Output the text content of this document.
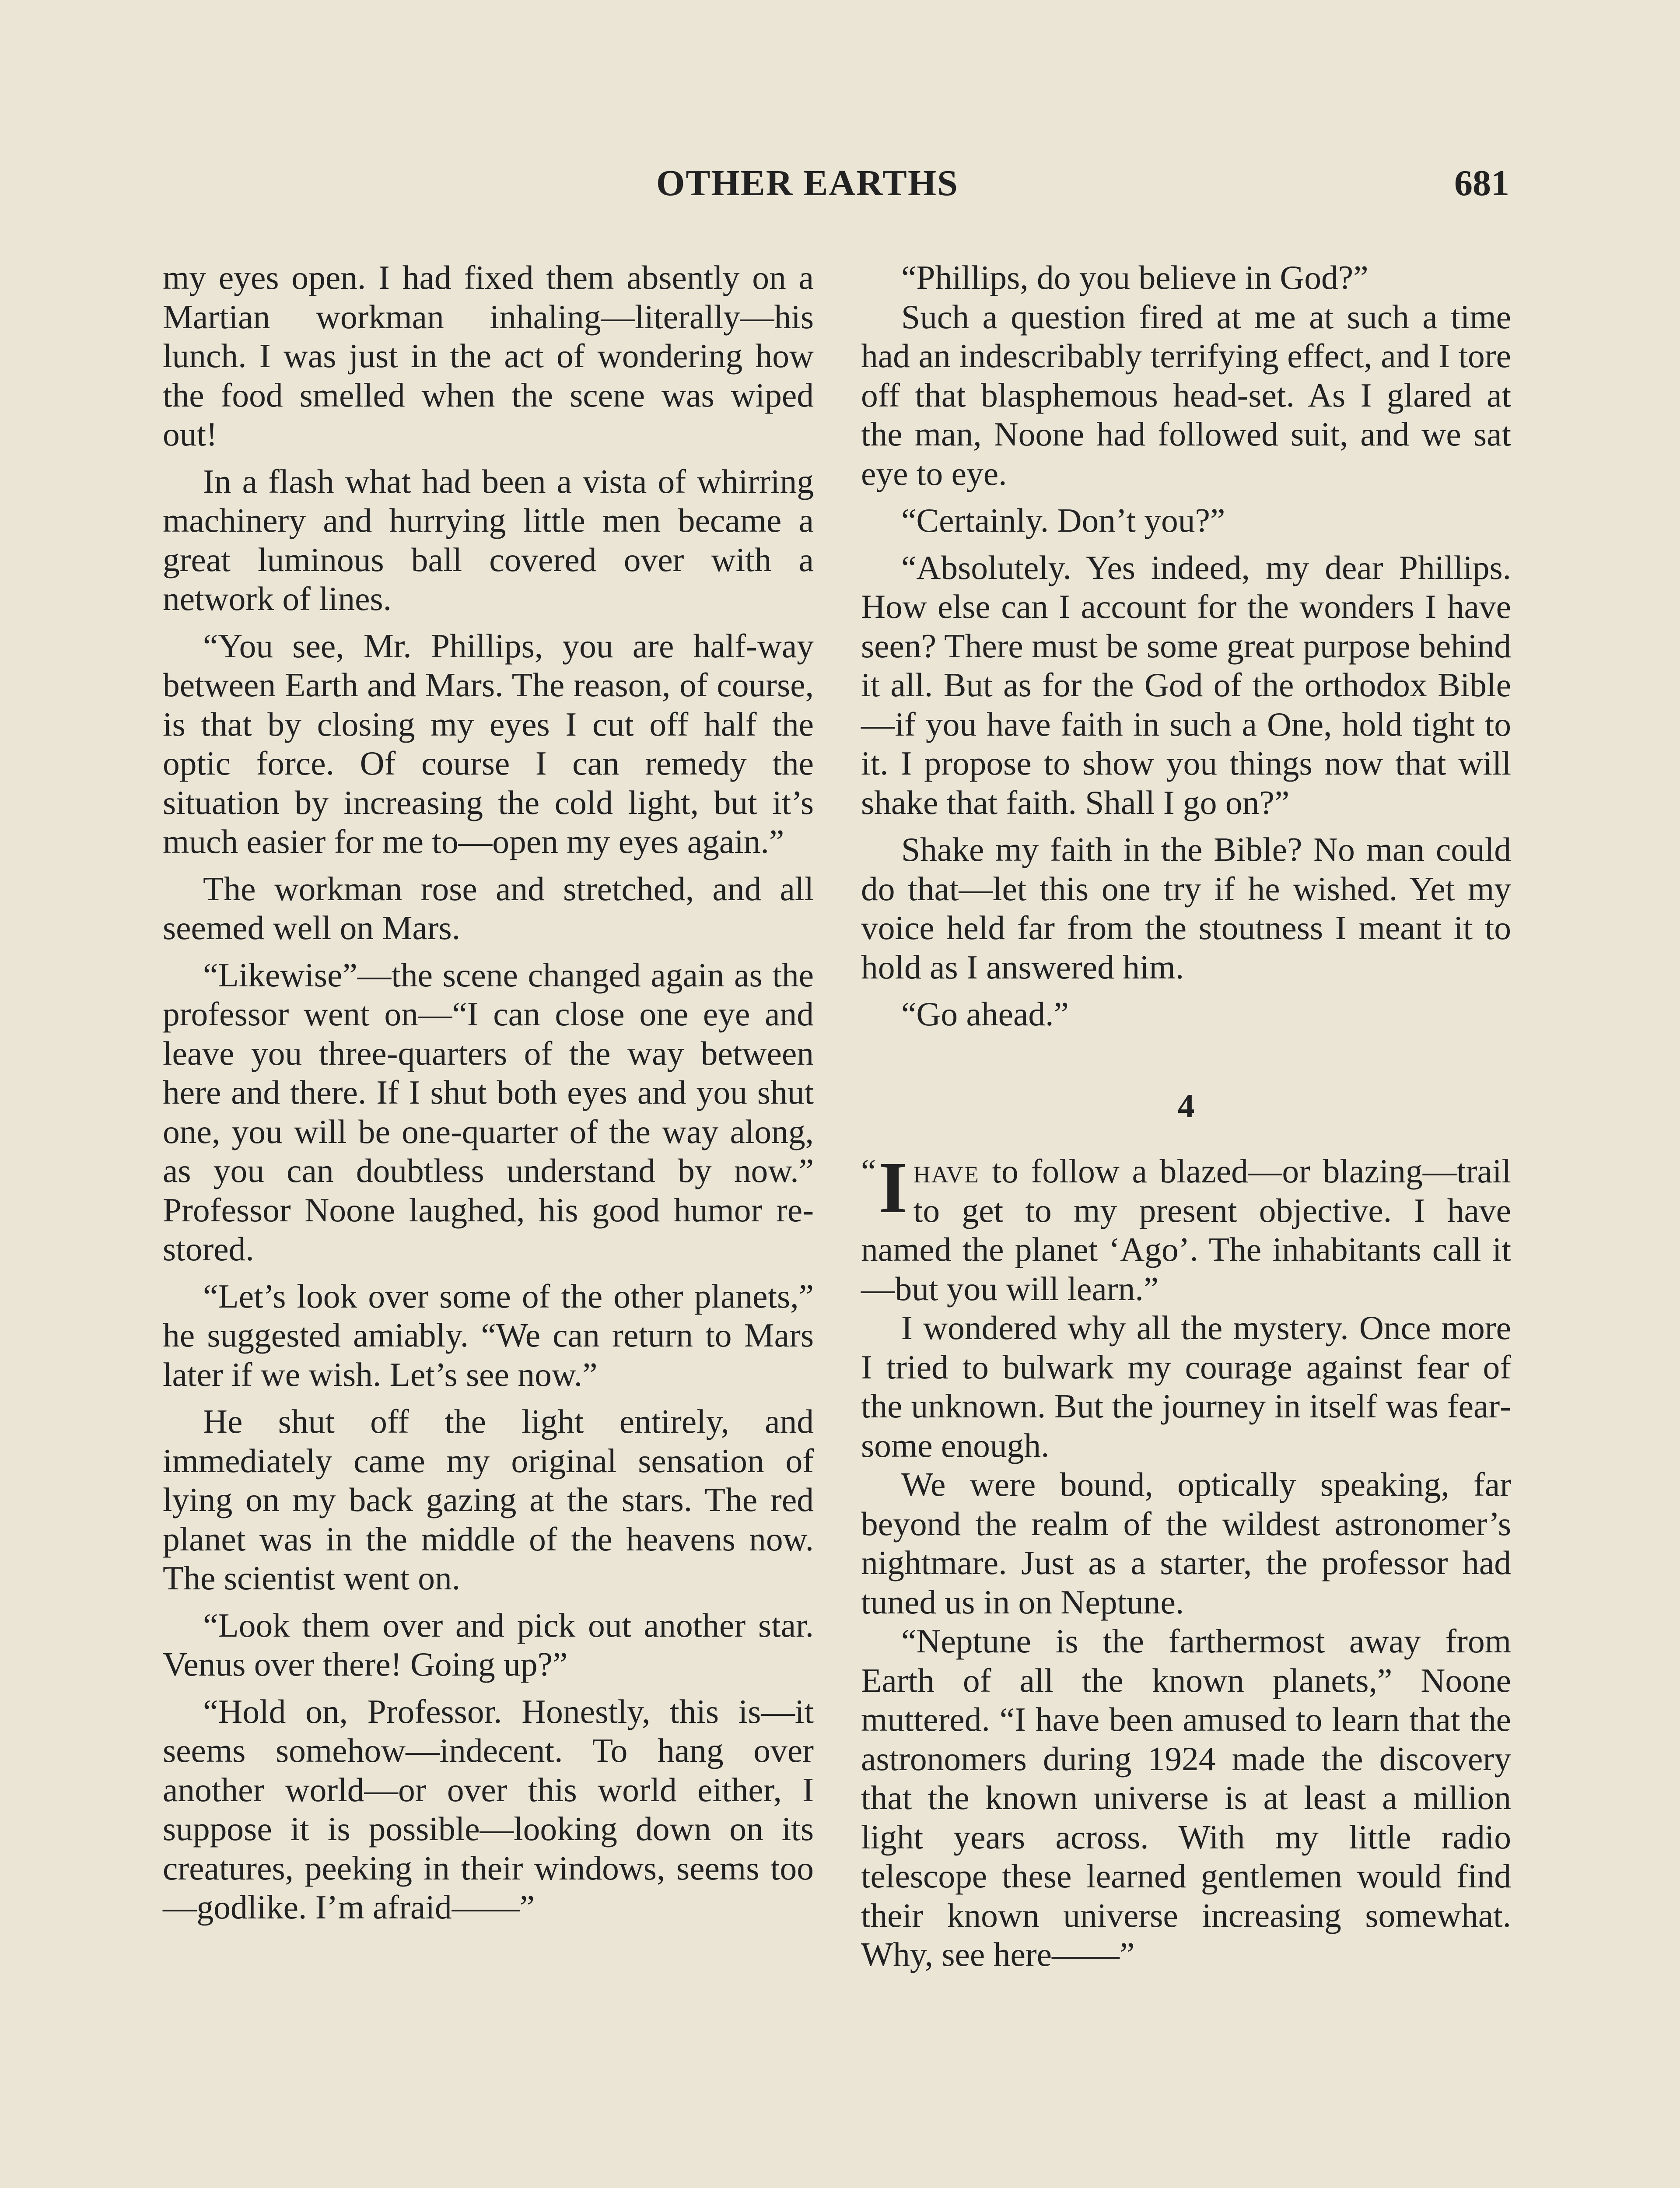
OTHER EARTHS	681

my eyes open. I had fixed them absently on a Martian workman inhaling—literally—his lunch. I was just in the act of wondering how the food smelled when the scene was wiped out!

In a flash what had been a vista of whirring machinery and hurrying little men became a great luminous ball covered over with a network of lines.

“You see, Mr. Phillips, you are half-way between Earth and Mars. The reason, of course, is that by closing my eyes I cut off half the optic force. Of course I can remedy the situation by increasing the cold light, but it’s much easier for me to—open my eyes again.”

The workman rose and stretched, and all seemed well on Mars.

“Likewise”—the scene changed again as the professor went on—“I can close one eye and leave you three-quarters of the way between here and there. If I shut both eyes and you shut one, you will be one-quarter of the way along, as you can doubtless understand by now.” Professor Noone laughed, his good humor restored.

“Let’s look over some of the other planets,” he suggested amiably. “We can return to Mars later if we wish. Let’s see now.”

He shut off the light entirely, and immediately came my original sensation of lying on my back gazing at the stars. The red planet was in the middle of the heavens now. The scientist went on.

“Look them over and pick out another star. Venus over there! Going up?”

“Hold on, Professor. Honestly, this is—it seems somehow—indecent. To hang over another world—or over this world either, I suppose it is possible—looking down on its creatures, peeking in their windows, seems too—godlike. I’m afraid——”

“Phillips, do you believe in God?”

Such a question fired at me at such a time had an indescribably terrifying effect, and I tore off that blasphemous head-set. As I glared at the man, Noone had followed suit, and we sat eye to eye.

“Certainly. Don’t you?”

“Absolutely. Yes indeed, my dear Phillips. How else can I account for the wonders I have seen? There must be some great purpose behind it all. But as for the God of the orthodox Bible—if you have faith in such a One, hold tight to it. I propose to show you things now that will shake that faith. Shall I go on?”

Shake my faith in the Bible? No man could do that—let this one try if he wished. Yet my voice held far from the stoutness I meant it to hold as I answered him.

“Go ahead.”

4

“ I have to follow a blazed—or blazing—trail to get to my present objective. I have named the planet ‘Ago’. The inhabitants call it—but you will learn.”

I wondered why all the mystery. Once more I tried to bulwark my courage against fear of the unknown. But the journey in itself was fearsome enough.

We were bound, optically speaking, far beyond the realm of the wildest astronomer’s nightmare. Just as a starter, the professor had tuned us in on Neptune.

“Neptune is the farthermost away from Earth of all the known planets,” Noone muttered. “I have been amused to learn that the astronomers during 1924 made the discovery that the known universe is at least a million light years across. With my little radio telescope these learned gentlemen would find their known universe increasing somewhat. Why, see here——”
